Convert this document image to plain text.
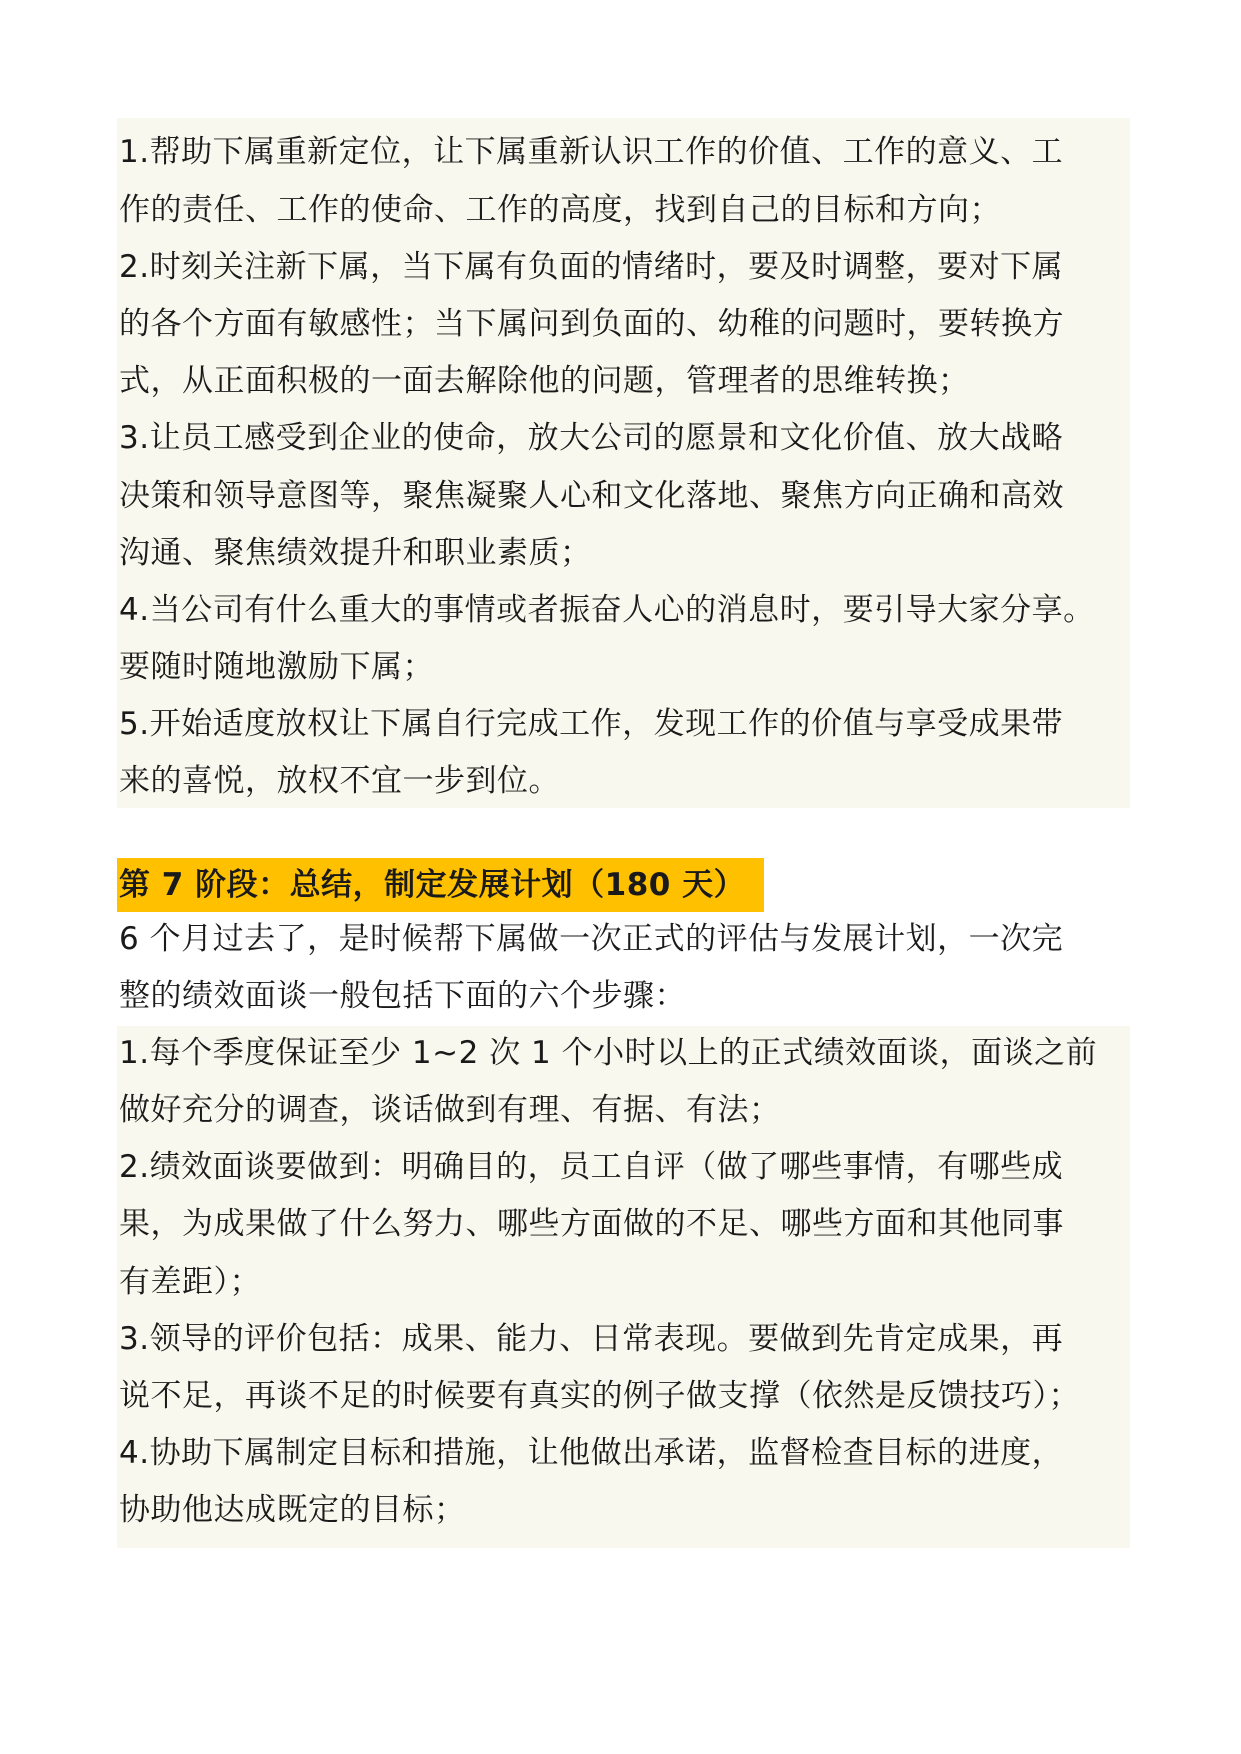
1.帮助下属重新定位，让下属重新认识工作的价值、工作的意义、工
作的责任、工作的使命、工作的高度，找到自己的目标和方向；
2.时刻关注新下属，当下属有负面的情绪时，要及时调整，要对下属
的各个方面有敏感性；当下属问到负面的、幼稚的问题时，要转换方
式，从正面积极的一面去解除他的问题，管理者的思维转换；
3.让员工感受到企业的使命，放大公司的愿景和文化价值、放大战略
决策和领导意图等，聚焦凝聚人心和文化落地、聚焦方向正确和高效
沟通、聚焦绩效提升和职业素质；
4.当公司有什么重大的事情或者振奋人心的消息时，要引导大家分享。
要随时随地激励下属；
5.开始适度放权让下属自行完成工作，发现工作的价值与享受成果带
来的喜悦，放权不宜一步到位。
第 7 阶段：总结，制定发展计划（180 天）
6 个月过去了，是时候帮下属做一次正式的评估与发展计划，一次完
整的绩效面谈一般包括下面的六个步骤：
1.每个季度保证至少 1~2 次 1 个小时以上的正式绩效面谈，面谈之前
做好充分的调查，谈话做到有理、有据、有法；
2.绩效面谈要做到：明确目的，员工自评（做了哪些事情，有哪些成
果，为成果做了什么努力、哪些方面做的不足、哪些方面和其他同事
有差距）；
3.领导的评价包括：成果、能力、日常表现。要做到先肯定成果，再
说不足，再谈不足的时候要有真实的例子做支撑（依然是反馈技巧）；
4.协助下属制定目标和措施，让他做出承诺，监督检查目标的进度，
协助他达成既定的目标；
